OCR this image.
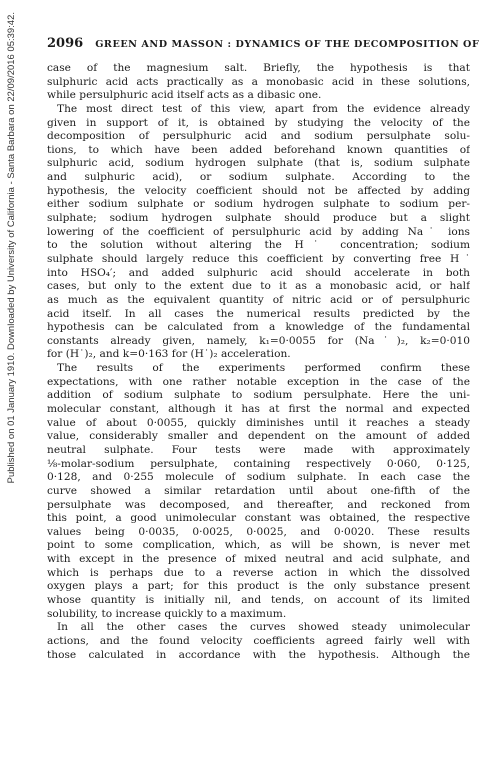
Published on 01 January 1910. Downloaded by University of California - Santa Barbara on 22/09/2016 05:39:42. 2096 GREEN AND MASSON : DYNAMICS OF THE DECOMPOSITION OF
case of the magnesium salt. Briefly, the hypothesis is that
sulphuric acid acts practically as a monobasic acid in these solutions,
while persulphuric acid itself acts as a dibasic one.
The most direct test of this view, apart from the evidence already
given in support of it, is obtained by studying the velocity of the
decomposition of persulphuric acid and sodium persulphate solu-
tions, to which have been added beforehand known quantities of
sulphuric acid, sodium hydrogen sulphate (that is, sodium sulphate
and sulphuric acid), or sodium sulphate. According to the
hypothesis, the velocity coefficient should not be affected by adding
either sodium sulphate or sodium hydrogen sulphate to sodium per-
sulphate; sodium hydrogen sulphate should produce but a slight
lowering of the coefficient of persulphuric acid by adding Na˙ ions
to the solution without altering the H˙ concentration; sodium
sulphate should largely reduce this coefficient by converting free H˙
into HSO₄′; and added sulphuric acid should accelerate in both
cases, but only to the extent due to it as a monobasic acid, or half
as much as the equivalent quantity of nitric acid or of persulphuric
acid itself. In all cases the numerical results predicted by the
hypothesis can be calculated from a knowledge of the fundamental
constants already given, namely, k₁=0·0055 for (Na˙)₂, k₂=0·010
for (H˙)₂, and k=0·163 for (H˙)₂ acceleration.
The results of the experiments performed confirm these
expectations, with one rather notable exception in the case of the
addition of sodium sulphate to sodium persulphate. Here the uni-
molecular constant, although it has at first the normal and expected
value of about 0·0055, quickly diminishes until it reaches a steady
value, considerably smaller and dependent on the amount of added
neutral sulphate. Four tests were made with approximately
⅛-molar-sodium persulphate, containing respectively 0·060, 0·125,
0·128, and 0·255 molecule of sodium sulphate. In each case the
curve showed a similar retardation until about one-fifth of the
persulphate was decomposed, and thereafter, and reckoned from
this point, a good unimolecular constant was obtained, the respective
values being 0·0035, 0·0025, 0·0025, and 0·0020. These results
point to some complication, which, as will be shown, is never met
with except in the presence of mixed neutral and acid sulphate, and
which is perhaps due to a reverse action in which the dissolved
oxygen plays a part; for this product is the only substance present
whose quantity is initially nil, and tends, on account of its limited
solubility, to increase quickly to a maximum.
In all the other cases the curves showed steady unimolecular
actions, and the found velocity coefficients agreed fairly well with
those calculated in accordance with the hypothesis. Although the
